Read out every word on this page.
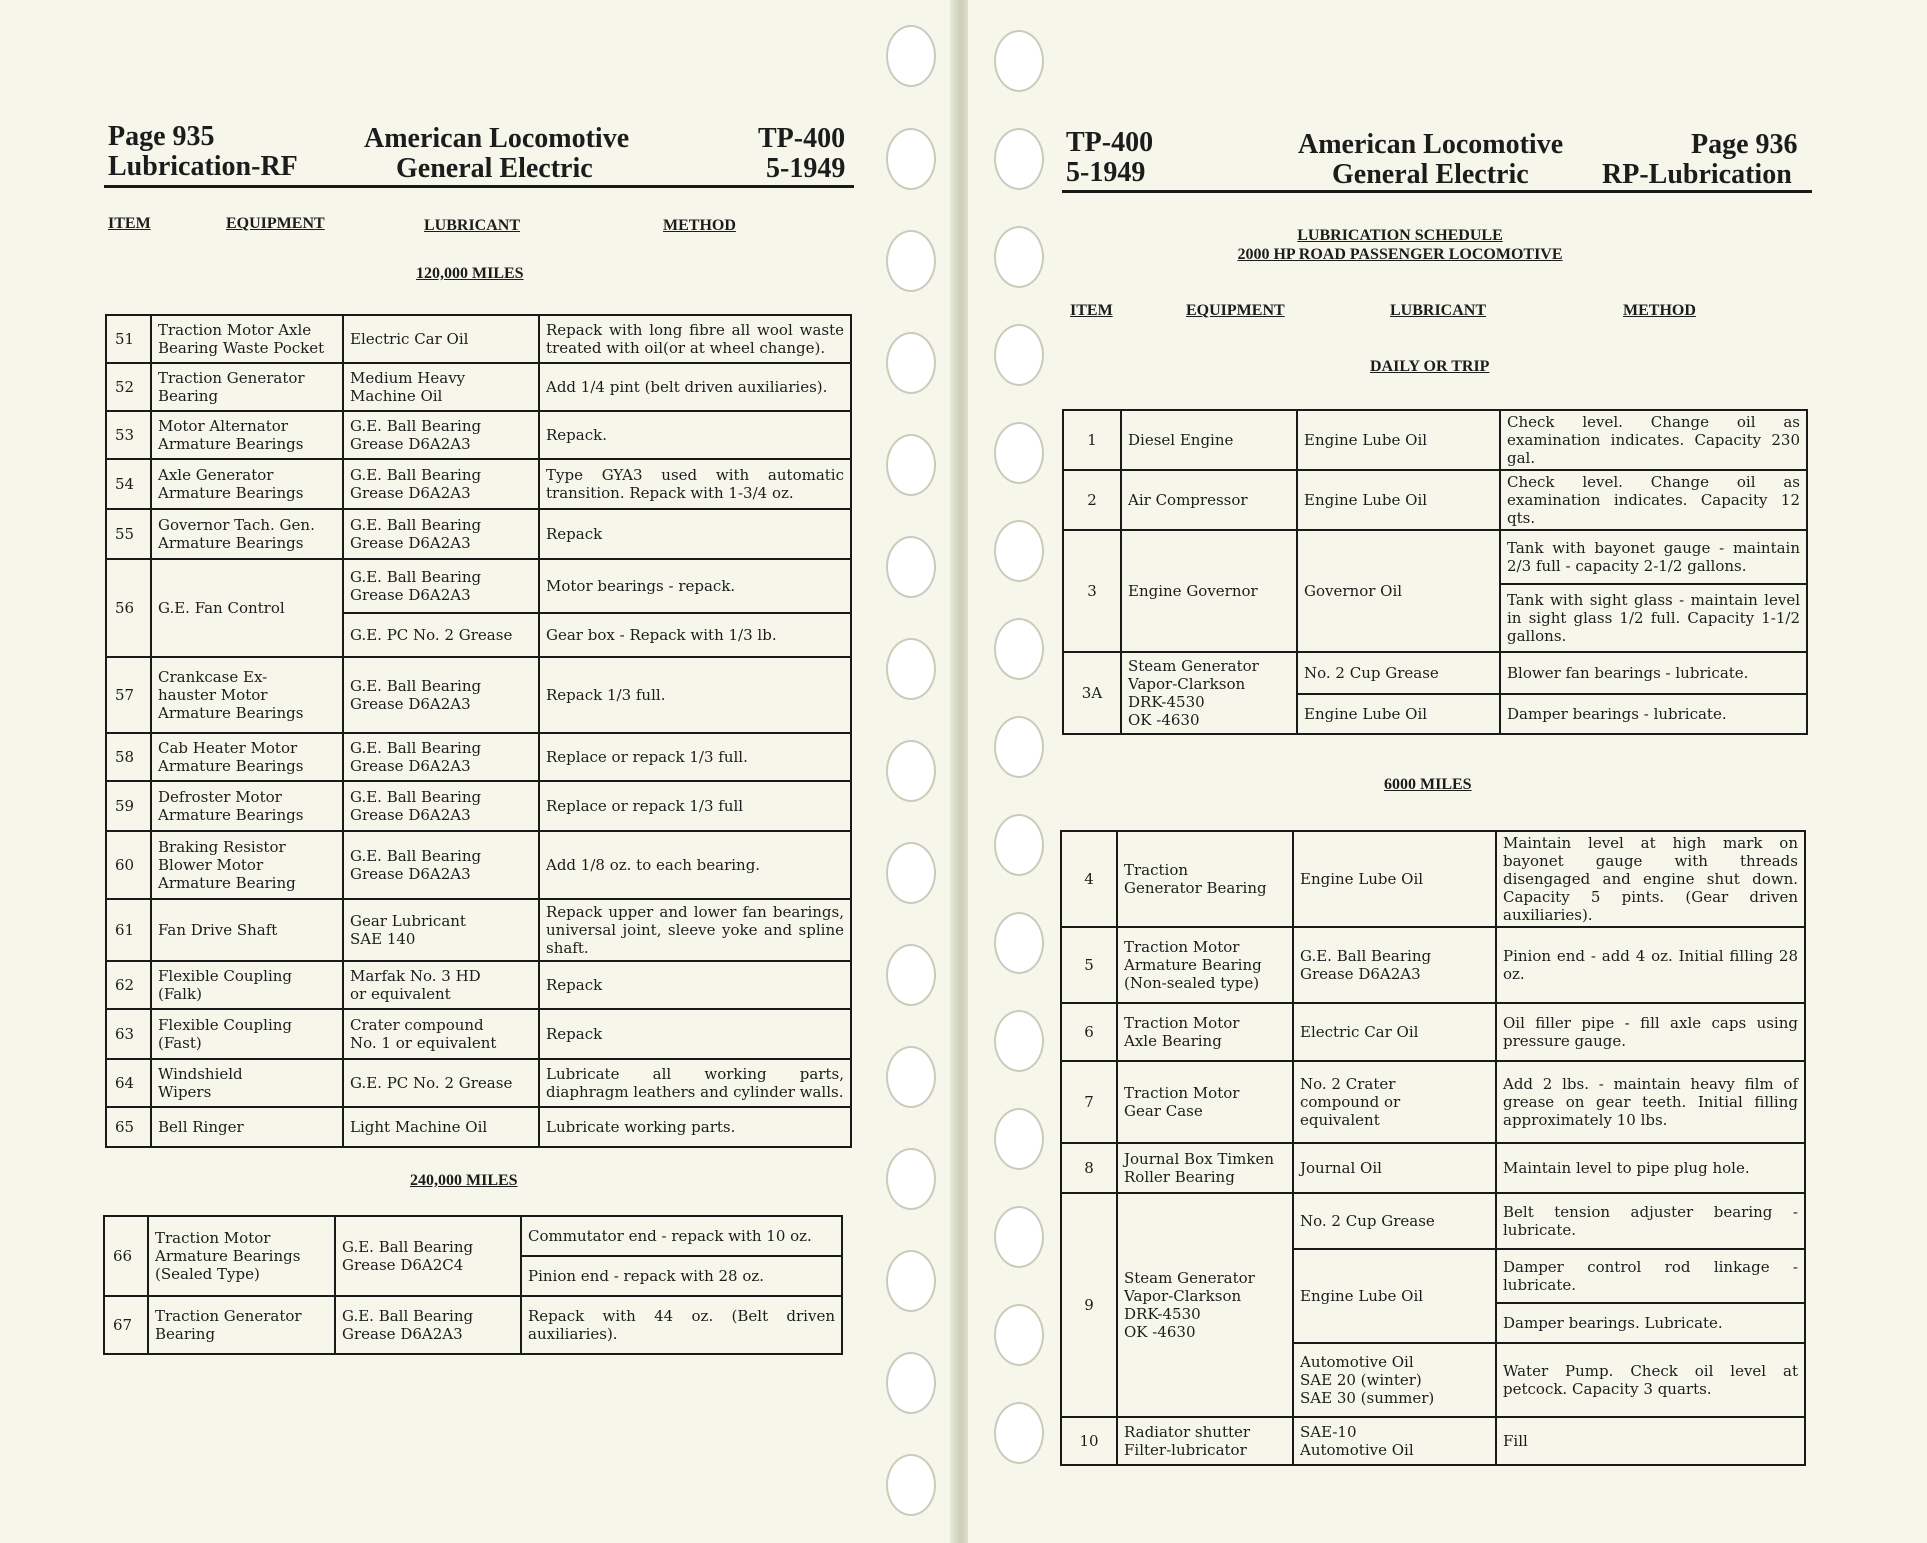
Page 935
Lubrication-RF
American Locomotive
General Electric
TP-400
5-1949
ITEM	EQUIPMENT	LUBRICANT	METHOD
120,000 MILES
51	Traction Motor Axle
Bearing Waste Pocket	Electric Car Oil	Repack with long fibre all wool waste treated with oil(or at wheel change).
52	Traction Generator
Bearing	Medium Heavy
Machine Oil	Add 1/4 pint (belt driven auxiliaries).
53	Motor Alternator
Armature Bearings	G.E. Ball Bearing
Grease D6A2A3	Repack.
54	Axle Generator
Armature Bearings	G.E. Ball Bearing
Grease D6A2A3	Type GYA3 used with automatic transition. Repack with 1-3/4 oz.
55	Governor Tach. Gen.
Armature Bearings	G.E. Ball Bearing
Grease D6A2A3	Repack
56	G.E. Fan Control	G.E. Ball Bearing
Grease D6A2A3	Motor bearings - repack.
		G.E. PC No. 2 Grease	Gear box - Repack with 1/3 lb.
57	Crankcase Ex-
hauster Motor
Armature Bearings	G.E. Ball Bearing
Grease D6A2A3	Repack 1/3 full.
58	Cab Heater Motor
Armature Bearings	G.E. Ball Bearing
Grease D6A2A3	Replace or repack 1/3 full.
59	Defroster Motor
Armature Bearings	G.E. Ball Bearing
Grease D6A2A3	Replace or repack 1/3 full
60	Braking Resistor
Blower Motor
Armature Bearing	G.E. Ball Bearing
Grease D6A2A3	Add 1/8 oz. to each bearing.
61	Fan Drive Shaft	Gear Lubricant
SAE 140	Repack upper and lower fan bearings, universal joint, sleeve yoke and spline shaft.
62	Flexible Coupling
(Falk)	Marfak No. 3 HD
or equivalent	Repack
63	Flexible Coupling
(Fast)	Crater compound
No. 1 or equivalent	Repack
64	Windshield
Wipers	G.E. PC No. 2 Grease	Lubricate all working parts, diaphragm leathers and cylinder walls.
65	Bell Ringer	Light Machine Oil	Lubricate working parts.
240,000 MILES
66	Traction Motor
Armature Bearings
(Sealed Type)	G.E. Ball Bearing
Grease D6A2C4	Commutator end - repack with 10 oz.
			Pinion end - repack with 28 oz.
67	Traction Generator
Bearing	G.E. Ball Bearing
Grease D6A2A3	Repack with 44 oz. (Belt driven auxiliaries).
TP-400
5-1949
American Locomotive
General Electric
Page 936
RP-Lubrication
LUBRICATION SCHEDULE
2000 HP ROAD PASSENGER LOCOMOTIVE
ITEM	EQUIPMENT	LUBRICANT	METHOD
DAILY OR TRIP
1	Diesel Engine	Engine Lube Oil	Check level. Change oil as examination indicates. Capacity 230 gal.
2	Air Compressor	Engine Lube Oil	Check level. Change oil as examination indicates. Capacity 12 qts.
3	Engine Governor	Governor Oil	Tank with bayonet gauge - maintain 2/3 full - capacity 2-1/2 gallons.
			Tank with sight glass - maintain level in sight glass 1/2 full. Capacity 1-1/2 gallons.
3A	Steam Generator
Vapor-Clarkson
DRK-4530
OK -4630	No. 2 Cup Grease	Blower fan bearings - lubricate.
		Engine Lube Oil	Damper bearings - lubricate.
6000 MILES
4	Traction
Generator Bearing	Engine Lube Oil	Maintain level at high mark on bayonet gauge with threads disengaged and engine shut down. Capacity 5 pints. (Gear driven auxiliaries).
5	Traction Motor
Armature Bearing
(Non-sealed type)	G.E. Ball Bearing
Grease D6A2A3	Pinion end - add 4 oz. Initial filling 28 oz.
6	Traction Motor
Axle Bearing	Electric Car Oil	Oil filler pipe - fill axle caps using pressure gauge.
7	Traction Motor
Gear Case	No. 2 Crater
compound or
equivalent	Add 2 lbs. - maintain heavy film of grease on gear teeth. Initial filling approximately 10 lbs.
8	Journal Box Timken
Roller Bearing	Journal Oil	Maintain level to pipe plug hole.
9	Steam Generator
Vapor-Clarkson
DRK-4530
OK -4630	No. 2 Cup Grease	Belt tension adjuster bearing - lubricate.
		Engine Lube Oil	Damper control rod linkage - lubricate.
			Damper bearings. Lubricate.
		Automotive Oil
SAE 20 (winter)
SAE 30 (summer)	Water Pump. Check oil level at petcock. Capacity 3 quarts.
10	Radiator shutter
Filter-lubricator	SAE-10
Automotive Oil	Fill
